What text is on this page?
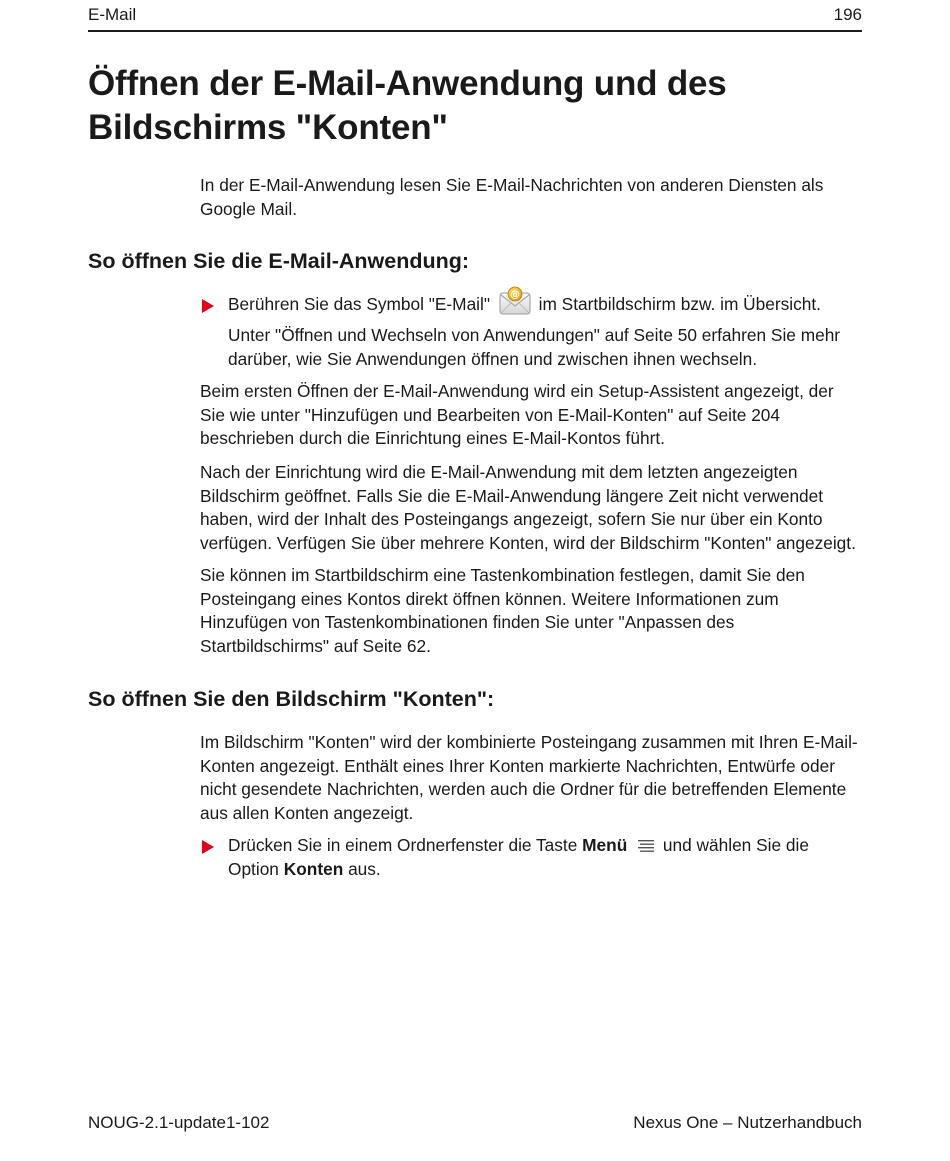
E-Mail	196
Öffnen der E-Mail-Anwendung und des Bildschirms "Konten"

In der E-Mail-Anwendung lesen Sie E-Mail-Nachrichten von anderen Diensten als Google Mail.

So öffnen Sie die E-Mail-Anwendung:
Berühren Sie das Symbol "E-Mail" @ im Startbildschirm bzw. im Übersicht.

Unter "Öffnen und Wechseln von Anwendungen" auf Seite 50 erfahren Sie mehr darüber, wie Sie Anwendungen öffnen und zwischen ihnen wechseln.

Beim ersten Öffnen der E-Mail-Anwendung wird ein Setup-Assistent angezeigt, der Sie wie unter "Hinzufügen und Bearbeiten von E-Mail-Konten" auf Seite 204 beschrieben durch die Einrichtung eines E-Mail-Kontos führt.

Nach der Einrichtung wird die E-Mail-Anwendung mit dem letzten angezeigten Bildschirm geöffnet. Falls Sie die E-Mail-Anwendung längere Zeit nicht verwendet haben, wird der Inhalt des Posteingangs angezeigt, sofern Sie nur über ein Konto verfügen. Verfügen Sie über mehrere Konten, wird der Bildschirm "Konten" angezeigt.

Sie können im Startbildschirm eine Tastenkombination festlegen, damit Sie den Posteingang eines Kontos direkt öffnen können. Weitere Informationen zum Hinzufügen von Tastenkombinationen finden Sie unter "Anpassen des Startbildschirms" auf Seite 62.

So öffnen Sie den Bildschirm "Konten":

Im Bildschirm "Konten" wird der kombinierte Posteingang zusammen mit Ihren E-Mail-Konten angezeigt. Enthält eines Ihrer Konten markierte Nachrichten, Entwürfe oder nicht gesendete Nachrichten, werden auch die Ordner für die betreffenden Elemente aus allen Konten angezeigt.

Drücken Sie in einem Ordnerfenster die Taste Menü und wählen Sie die Option Konten aus.
NOUG-2.1-update1-102	Nexus One – Nutzerhandbuch
